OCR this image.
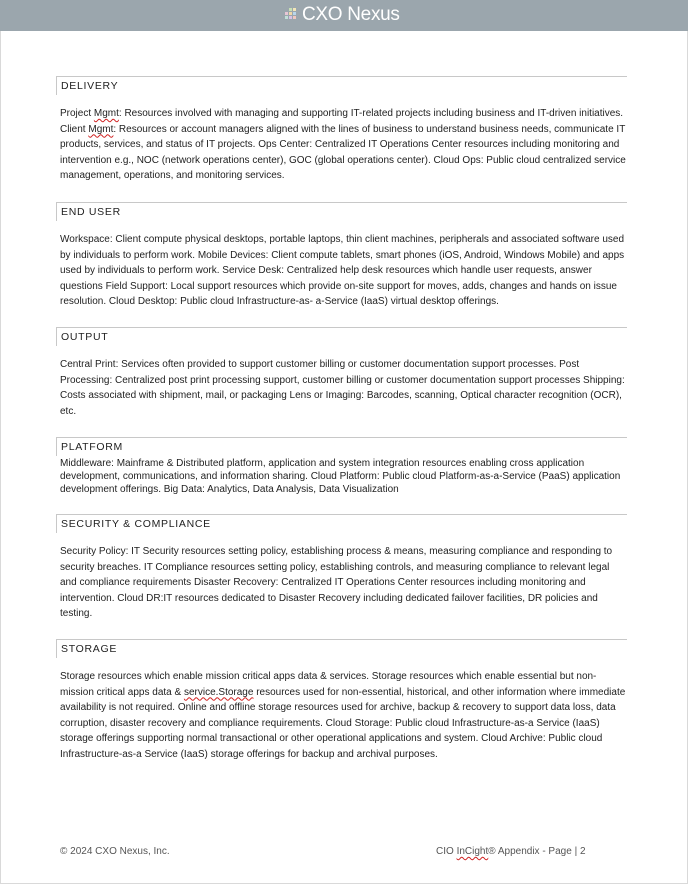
CXO Nexus
DELIVERY

Project Mgmt: Resources involved with managing and supporting IT-related projects including business and IT-driven initiatives. Client Mgmt: Resources or account managers aligned with the lines of business to understand business needs, communicate IT products, services, and status of IT projects. Ops Center: Centralized IT Operations Center resources including monitoring and intervention e.g., NOC (network operations center), GOC (global operations center). Cloud Ops: Public cloud centralized service management, operations, and monitoring services.

END USER

Workspace: Client compute physical desktops, portable laptops, thin client machines, peripherals and associated software used by individuals to perform work. Mobile Devices: Client compute tablets, smart phones (iOS, Android, Windows Mobile) and apps used by individuals to perform work. Service Desk: Centralized help desk resources which handle user requests, answer questions Field Support: Local support resources which provide on-site support for moves, adds, changes and hands on issue resolution. Cloud Desktop: Public cloud Infrastructure-as- a-Service (IaaS) virtual desktop offerings.

OUTPUT

Central Print: Services often provided to support customer billing or customer documentation support processes. Post Processing: Centralized post print processing support, customer billing or customer documentation support processes Shipping: Costs associated with shipment, mail, or packaging Lens or Imaging: Barcodes, scanning, Optical character recognition (OCR), etc.

PLATFORM

Middleware: Mainframe & Distributed platform, application and system integration resources enabling cross application development, communications, and information sharing. Cloud Platform: Public cloud Platform-as-a-Service (PaaS) application development offerings. Big Data: Analytics, Data Analysis, Data Visualization

SECURITY & COMPLIANCE

Security Policy: IT Security resources setting policy, establishing process & means, measuring compliance and responding to security breaches. IT Compliance resources setting policy, establishing controls, and measuring compliance to relevant legal and compliance requirements Disaster Recovery: Centralized IT Operations Center resources including monitoring and intervention. Cloud DR:IT resources dedicated to Disaster Recovery including dedicated failover facilities, DR policies and testing.

STORAGE

Storage resources which enable mission critical apps data & services. Storage resources which enable essential but non-mission critical apps data & service.Storage resources used for non-essential, historical, and other information where immediate availability is not required. Online and offline storage resources used for archive, backup & recovery to support data loss, data corruption, disaster recovery and compliance requirements. Cloud Storage: Public cloud Infrastructure-as-a Service (IaaS) storage offerings supporting normal transactional or other operational applications and system. Cloud Archive: Public cloud Infrastructure-as-a Service (IaaS) storage offerings for backup and archival purposes.

© 2024 CXO Nexus, Inc.	CIO InCight® Appendix - Page | 2
